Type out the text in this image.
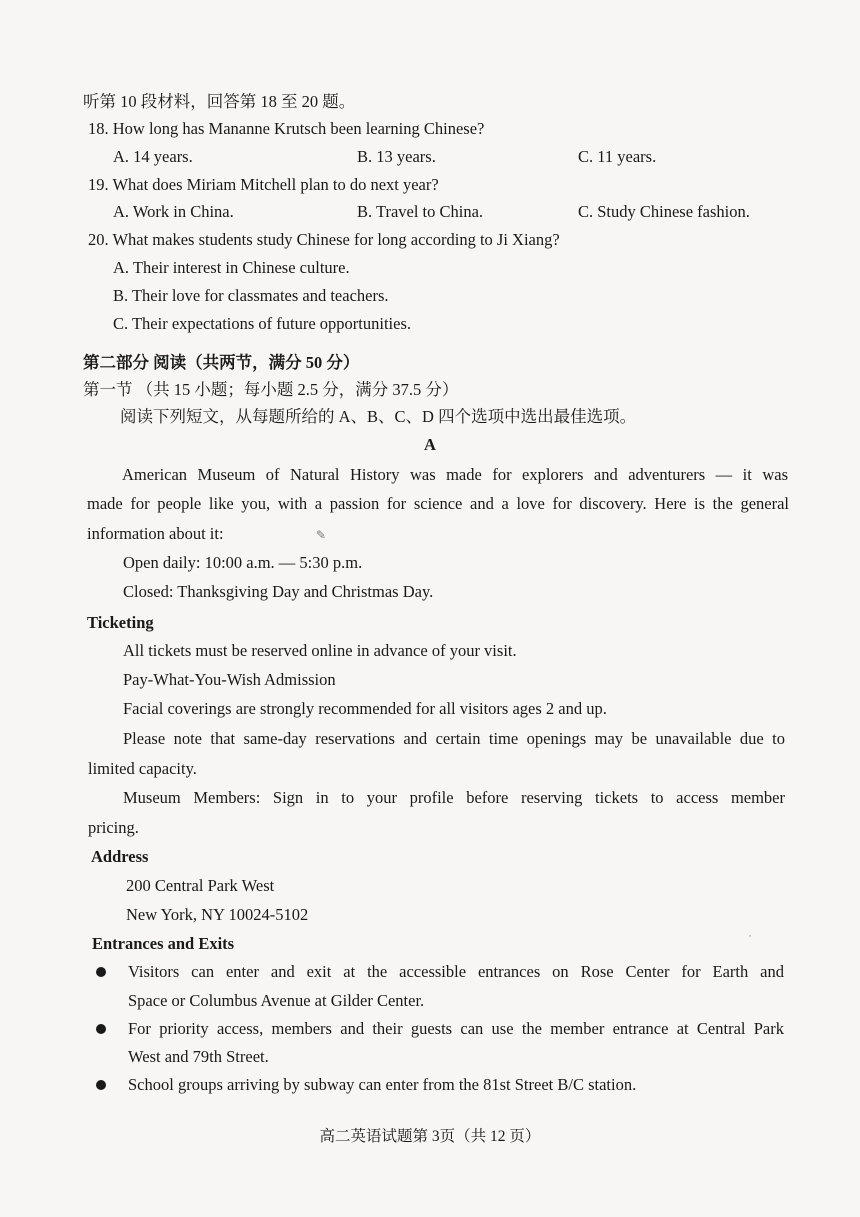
听第 10 段材料，回答第 18 至 20 题。
18. How long has Mananne Krutsch been learning Chinese?
A. 14 years.	B. 13 years.	C. 11 years.
19. What does Miriam Mitchell plan to do next year?
A. Work in China.	B. Travel to China.	C. Study Chinese fashion.
20. What makes students study Chinese for long according to Ji Xiang?
A. Their interest in Chinese culture.
B. Their love for classmates and teachers.
C. Their expectations of future opportunities.
第二部分 阅读（共两节，满分 50 分）
第一节 （共 15 小题；每小题 2.5 分，满分 37.5 分）
阅读下列短文，从每题所给的 A、B、C、D 四个选项中选出最佳选项。
A
American Museum of Natural History was made for explorers and adventurers — it was
made for people like you, with a passion for science and a love for discovery. Here is the general
information about it:	✎
Open daily: 10:00 a.m. — 5:30 p.m.
Closed: Thanksgiving Day and Christmas Day.
Ticketing
All tickets must be reserved online in advance of your visit.
Pay-What-You-Wish Admission
Facial coverings are strongly recommended for all visitors ages 2 and up.
Please note that same-day reservations and certain time openings may be unavailable due to
limited capacity.
Museum Members: Sign in to your profile before reserving tickets to access member
pricing.
Address
200 Central Park West
New York, NY 10024-5102
Entrances and Exits	˙
Visitors can enter and exit at the accessible entrances on Rose Center for Earth and
Space or Columbus Avenue at Gilder Center.
For priority access, members and their guests can use the member entrance at Central Park
West and 79th Street.
School groups arriving by subway can enter from the 81st Street B/C station.
高二英语试题第 3页（共 12 页）
